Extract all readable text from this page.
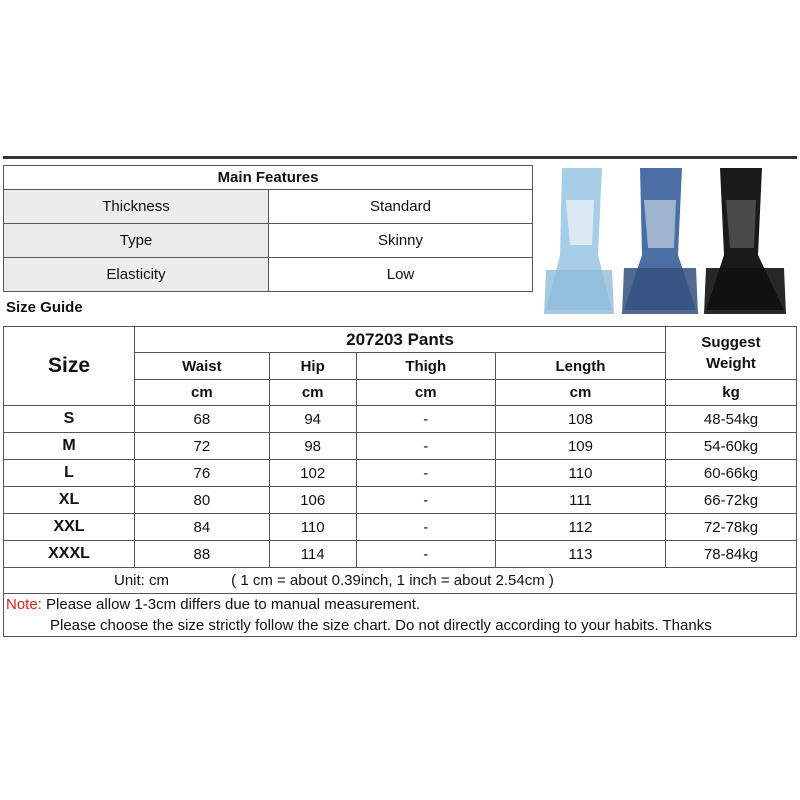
Main Features	
Thickness	Standard
Type	Skinny
Elasticity	Low
Size Guide
Size	207203 Pants				Suggest
Weight

	Waist	Hip	Thigh	Length	
	cm	cm	cm	cm	kg
S	68	94	-	108	48-54kg
M	72	98	-	109	54-60kg
L	76	102	-	110	60-66kg
XL	80	106	-	111	66-72kg
XXL	84	110	-	112	72-78kg
XXXL	88	114	-	113	78-84kg
Unit: cm ( 1 cm = about 0.39inch, 1 inch = about 2.54cm )					

Note: Please allow 1-3cm differs due to manual measurement.
Please choose the size strictly follow the size chart. Do not directly according to your habits. Thanks					
